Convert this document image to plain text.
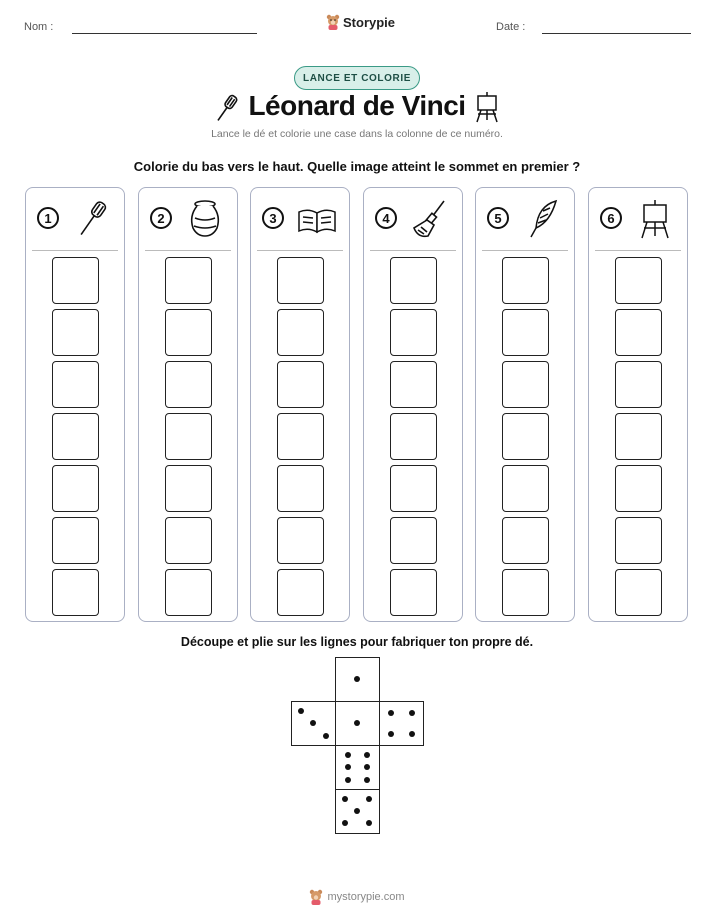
Nom :	Storypie	Date :
LANCE ET COLORIE
Léonard de Vinci
Lance le dé et colorie une case dans la colonne de ce numéro.
Colorie du bas vers le haut. Quelle image atteint le sommet en premier ?
1	2	3	4	5	6
Découpe et plie sur les lignes pour fabriquer ton propre dé.
mystorypie.com
